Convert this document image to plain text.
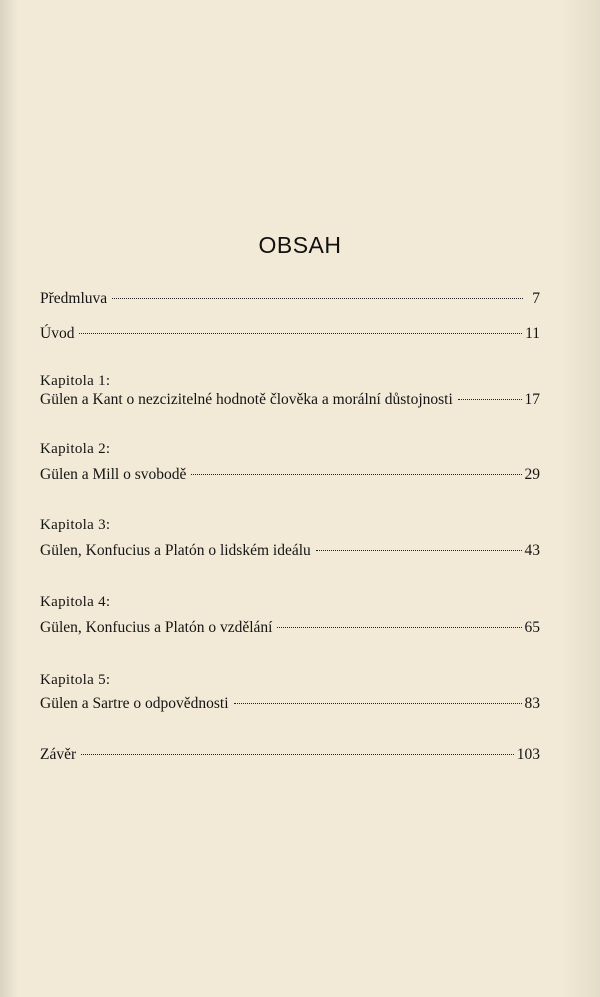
OBSAH
Předmluva	7
Úvod	11
Kapitola 1:
Gülen a Kant o nezcizitelné hodnotě člověka a morální důstojnosti	17
Kapitola 2:
Gülen a Mill o svobodě	29
Kapitola 3:
Gülen, Konfucius a Platón o lidském ideálu	43
Kapitola 4:
Gülen, Konfucius a Platón o vzdělání	65
Kapitola 5:
Gülen a Sartre o odpovědnosti	83
Závěr	103
